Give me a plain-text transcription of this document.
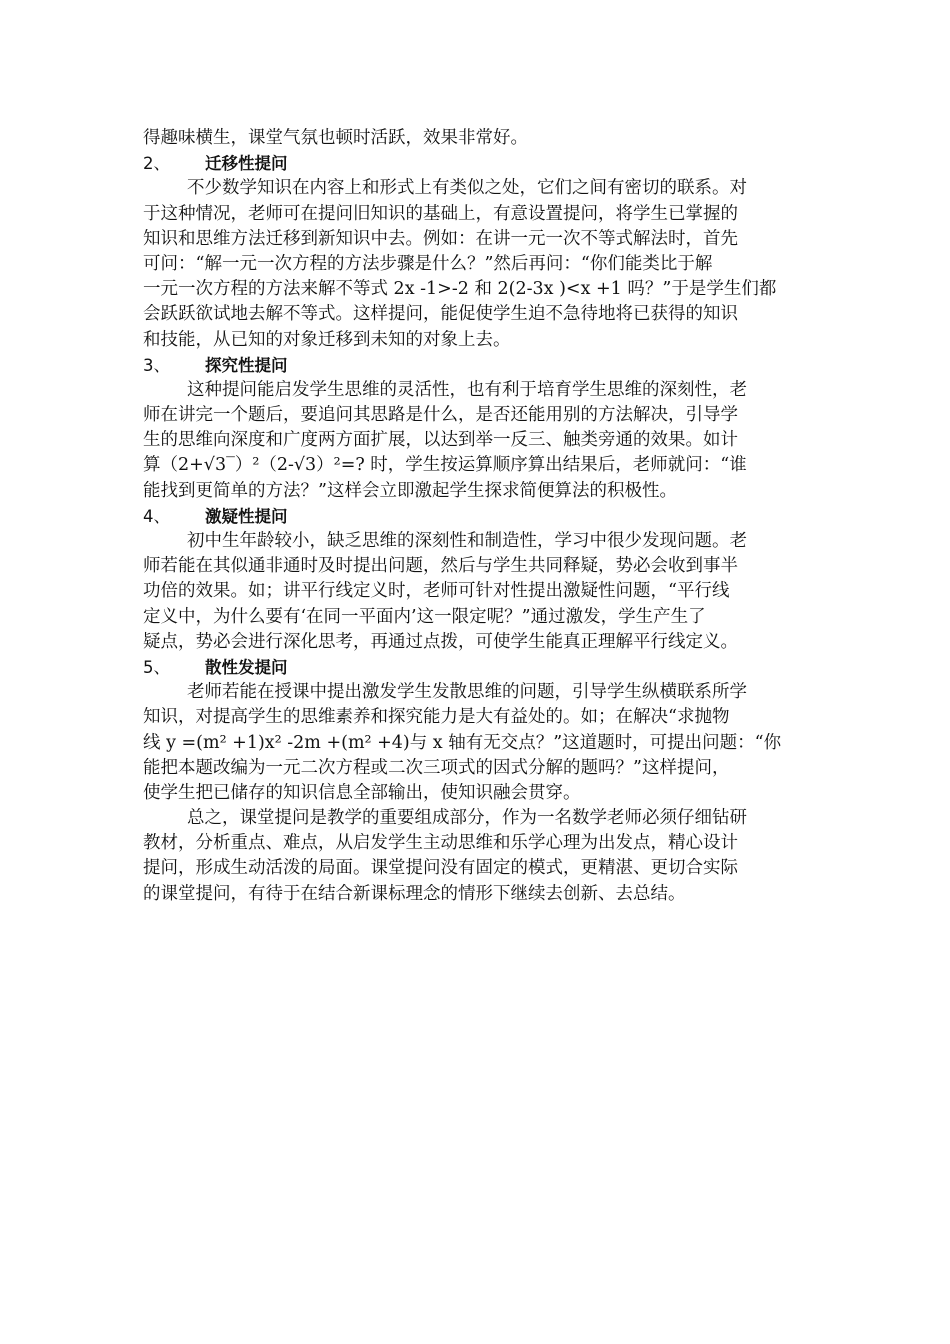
得趣味横生，课堂气氛也顿时活跃，效果非常好。
2、 迁移性提问
不少数学知识在内容上和形式上有类似之处，它们之间有密切的联系。对
于这种情况，老师可在提问旧知识的基础上，有意设置提问，将学生已掌握的
知识和思维方法迁移到新知识中去。例如：在讲一元一次不等式解法时，首先
可问：“解一元一次方程的方法步骤是什么？”然后再问：“你们能类比于解
一元一次方程的方法来解不等式 2x -1>-2 和 2(2-3x )<x +1 吗？”于是学生们都
会跃跃欲试地去解不等式。这样提问，能促使学生迫不急待地将已获得的知识
和技能，从已知的对象迁移到未知的对象上去。
3、 探究性提问
这种提问能启发学生思维的灵活性，也有利于培育学生思维的深刻性，老
师在讲完一个题后，要追问其思路是什么，是否还能用别的方法解决，引导学
生的思维向深度和广度两方面扩展，以达到举一反三、触类旁通的效果。如计
算（2+√3‾）²（2-√3）²=? 时，学生按运算顺序算出结果后，老师就问：“谁
能找到更简单的方法？”这样会立即激起学生探求简便算法的积极性。
4、 激疑性提问
初中生年龄较小，缺乏思维的深刻性和制造性，学习中很少发现问题。老
师若能在其似通非通时及时提出问题，然后与学生共同释疑，势必会收到事半
功倍的效果。如；讲平行线定义时，老师可针对性提出激疑性问题，“平行线
定义中，为什么要有‘在同一平面内’这一限定呢？”通过激发，学生产生了
疑点，势必会进行深化思考，再通过点拨，可使学生能真正理解平行线定义。
5、 散性发提问
老师若能在授课中提出激发学生发散思维的问题，引导学生纵横联系所学
知识，对提高学生的思维素养和探究能力是大有益处的。如；在解决“求抛物
线 y =(m² +1)x² -2m +(m² +4)与 x 轴有无交点？”这道题时，可提出问题：“你
能把本题改编为一元二次方程或二次三项式的因式分解的题吗？”这样提问，
使学生把已储存的知识信息全部输出，使知识融会贯穿。
总之，课堂提问是教学的重要组成部分，作为一名数学老师必须仔细钻研
教材，分析重点、难点，从启发学生主动思维和乐学心理为出发点，精心设计
提问，形成生动活泼的局面。课堂提问没有固定的模式，更精湛、更切合实际
的课堂提问，有待于在结合新课标理念的情形下继续去创新、去总结。
